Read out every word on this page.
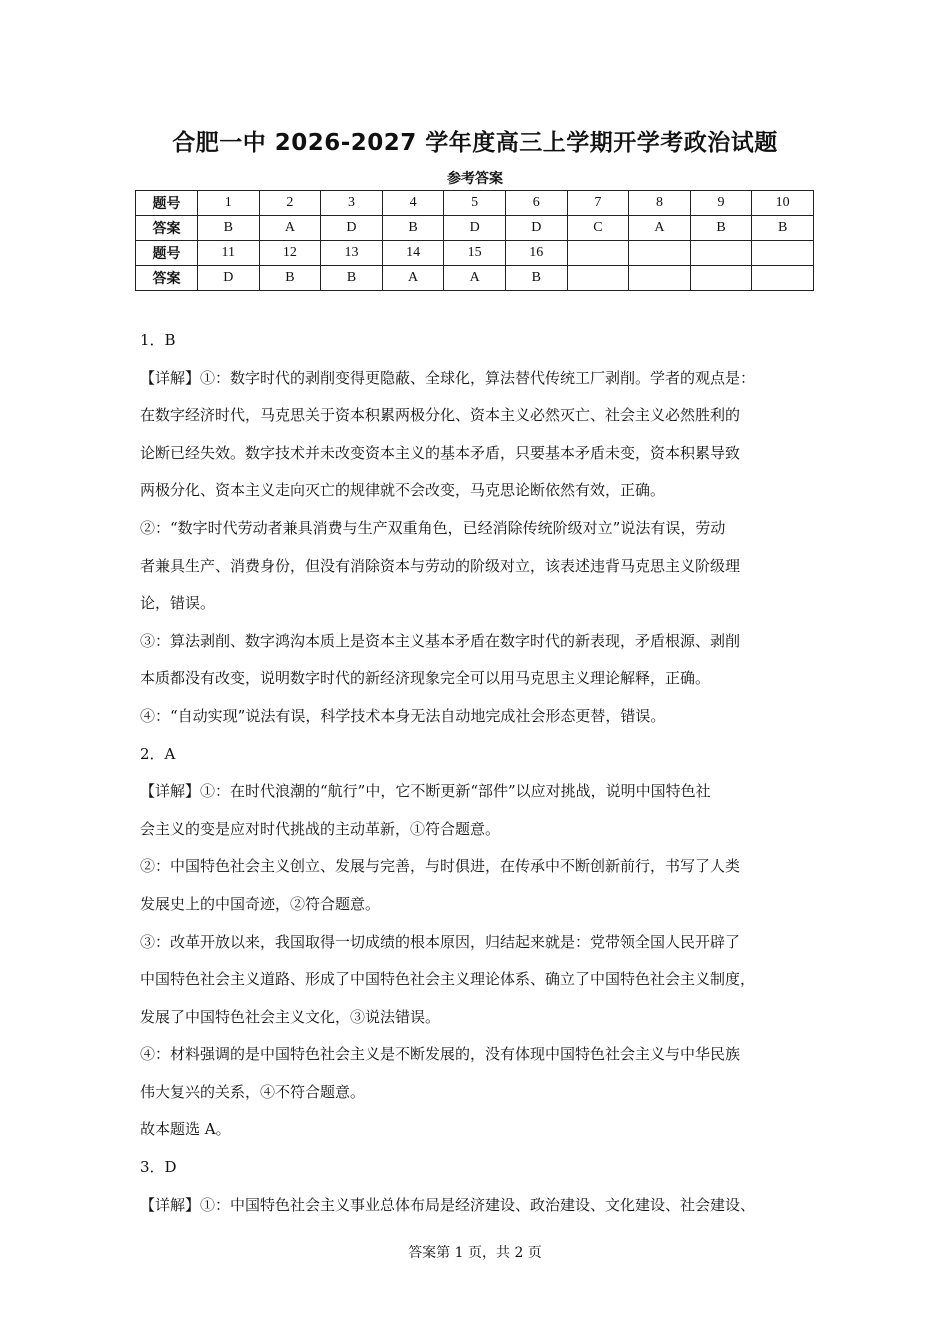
合肥一中 2026-2027 学年度高三上学期开学考政治试题
参考答案
题号	1	2	3	4	5	6	7	8	9	10
答案	B	A	D	B	D	D	C	A	B	B
题号	11	12	13	14	15	16				
答案	D	B	B	A	A	B				

1．B

【详解】①：数字时代的剥削变得更隐蔽、全球化，算法替代传统工厂剥削。学者的观点是：

在数字经济时代，马克思关于资本积累两极分化、资本主义必然灭亡、社会主义必然胜利的

论断已经失效。数字技术并未改变资本主义的基本矛盾，只要基本矛盾未变，资本积累导致

两极分化、资本主义走向灭亡的规律就不会改变，马克思论断依然有效，正确。

②：“数字时代劳动者兼具消费与生产双重角色，已经消除传统阶级对立”说法有误，劳动

者兼具生产、消费身份，但没有消除资本与劳动的阶级对立，该表述违背马克思主义阶级理

论，错误。

③：算法剥削、数字鸿沟本质上是资本主义基本矛盾在数字时代的新表现，矛盾根源、剥削

本质都没有改变，说明数字时代的新经济现象完全可以用马克思主义理论解释，正确。

④：“自动实现”说法有误，科学技术本身无法自动地完成社会形态更替，错误。

2．A

【详解】①：在时代浪潮的“航行”中，它不断更新“部件”以应对挑战，说明中国特色社

会主义的变是应对时代挑战的主动革新，①符合题意。

②：中国特色社会主义创立、发展与完善，与时俱进，在传承中不断创新前行，书写了人类

发展史上的中国奇迹，②符合题意。

③：改革开放以来，我国取得一切成绩的根本原因，归结起来就是：党带领全国人民开辟了

中国特色社会主义道路、形成了中国特色社会主义理论体系、确立了中国特色社会主义制度，

发展了中国特色社会主义文化，③说法错误。

④：材料强调的是中国特色社会主义是不断发展的，没有体现中国特色社会主义与中华民族

伟大复兴的关系，④不符合题意。

故本题选 A。

3．D

【详解】①：中国特色社会主义事业总体布局是经济建设、政治建设、文化建设、社会建设、

答案第 1 页，共 2 页
